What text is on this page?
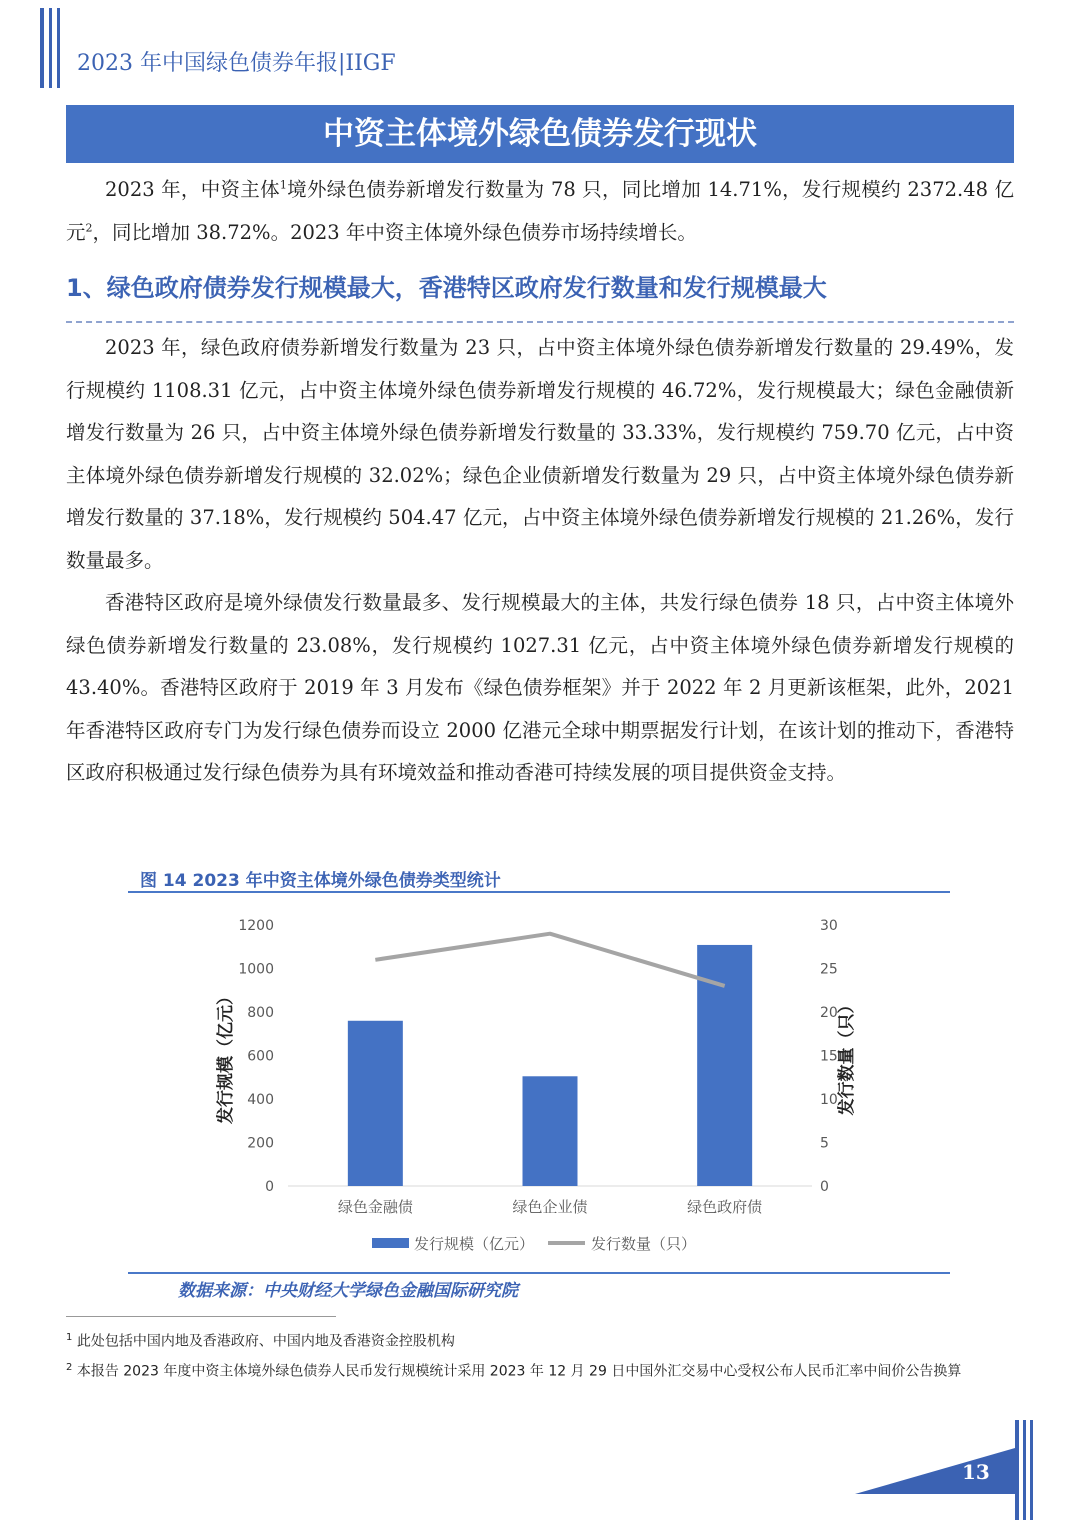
2023 年中国绿色债券年报|IIGF
中资主体境外绿色债券发行现状

2023 年，中资主体$^1$境外绿色债券新增发行数量为 78 只，同比增加 14.71%，发行规模约 2372.48 亿元$^2$，同比增加 38.72%。2023 年中资主体境外绿色债券市场持续增长。

1、绿色政府债券发行规模最大，香港特区政府发行数量和发行规模最大

2023 年，绿色政府债券新增发行数量为 23 只，占中资主体境外绿色债券新增发行数量的 29.49%，发行规模约 1108.31 亿元，占中资主体境外绿色债券新增发行规模的 46.72%，发行规模最大；绿色金融债新增发行数量为 26 只，占中资主体境外绿色债券新增发行数量的 33.33%，发行规模约 759.70 亿元，占中资主体境外绿色债券新增发行规模的 32.02%；绿色企业债新增发行数量为 29 只，占中资主体境外绿色债券新增发行数量的 37.18%，发行规模约 504.47 亿元，占中资主体境外绿色债券新增发行规模的 21.26%，发行数量最多。

香港特区政府是境外绿债发行数量最多、发行规模最大的主体，共发行绿色债券 18 只，占中资主体境外绿色债券新增发行数量的 23.08%，发行规模约 1027.31 亿元，占中资主体境外绿色债券新增发行规模的 43.40%。香港特区政府于 2019 年 3 月发布《绿色债券框架》并于 2022 年 2 月更新该框架，此外，2021 年香港特区政府专门为发行绿色债券而设立 2000 亿港元全球中期票据发行计划，在该计划的推动下，香港特区政府积极通过发行绿色债券为具有环境效益和推动香港可持续发展的项目提供资金支持。

图 14 2023 年中资主体境外绿色债券类型统计
0
200
400
600
800
1000
1200
0
5
10
15
20
25
30
绿色金融债	绿色企业债	绿色政府债
发行规模（亿元）	发行数量（只）
发行规模（亿元）	发行数量（只）
数据来源：中央财经大学绿色金融国际研究院

$^1$ 此处包括中国内地及香港政府、中国内地及香港资金控股机构

$^2$ 本报告 2023 年度中资主体境外绿色债券人民币发行规模统计采用 2023 年 12 月 29 日中国外汇交易中心受权公布人民币汇率中间价公告换算

13
